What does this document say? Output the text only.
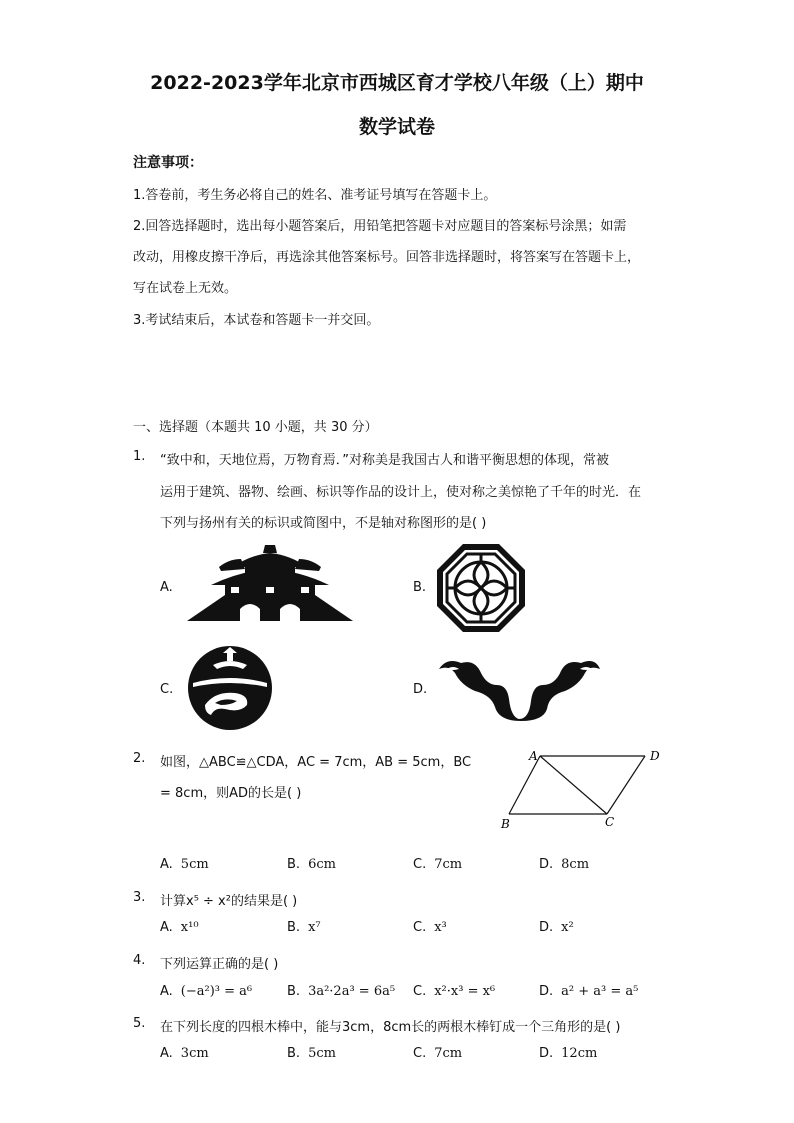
2022-2023学年北京市西城区育才学校八年级（上）期中
数学试卷
注意事项：
1.答卷前，考生务必将自己的姓名、准考证号填写在答题卡上。
2.回答选择题时，选出每小题答案后，用铅笔把答题卡对应题目的答案标号涂黑；如需
改动，用橡皮擦干净后，再选涂其他答案标号。回答非选择题时，将答案写在答题卡上，
写在试卷上无效。
3.考试结束后，本试卷和答题卡一并交回。
一、选择题（本题共 10 小题，共 30 分）
1. “致中和，天地位焉，万物育焉．”对称美是我国古人和谐平衡思想的体现，常被
运用于建筑、器物、绘画、标识等作品的设计上，使对称之美惊艳了千年的时光．在
下列与扬州有关的标识或简图中，不是轴对称图形的是( )
A.	B.
C.	D.
2. 如图，△ABC≌△CDA，AC = 7cm，AB = 5cm，BC
= 8cm，则AD的长是( )
A	D
B	C
A. 5cm	B. 6cm	C. 7cm	D. 8cm
3. 计算x⁵ ÷ x²的结果是( )
A. x¹⁰	B. x⁷	C. x³	D. x²
4. 下列运算正确的是( )
A. (−a²)³ = a⁶	B. 3a²·2a³ = 6a⁵ C. x²·x³ = x⁶	D. a² + a³ = a⁵
5. 在下列长度的四根木棒中，能与3cm，8cm长的两根木棒钉成一个三角形的是( )
A. 3cm	B. 5cm	C. 7cm	D. 12cm
